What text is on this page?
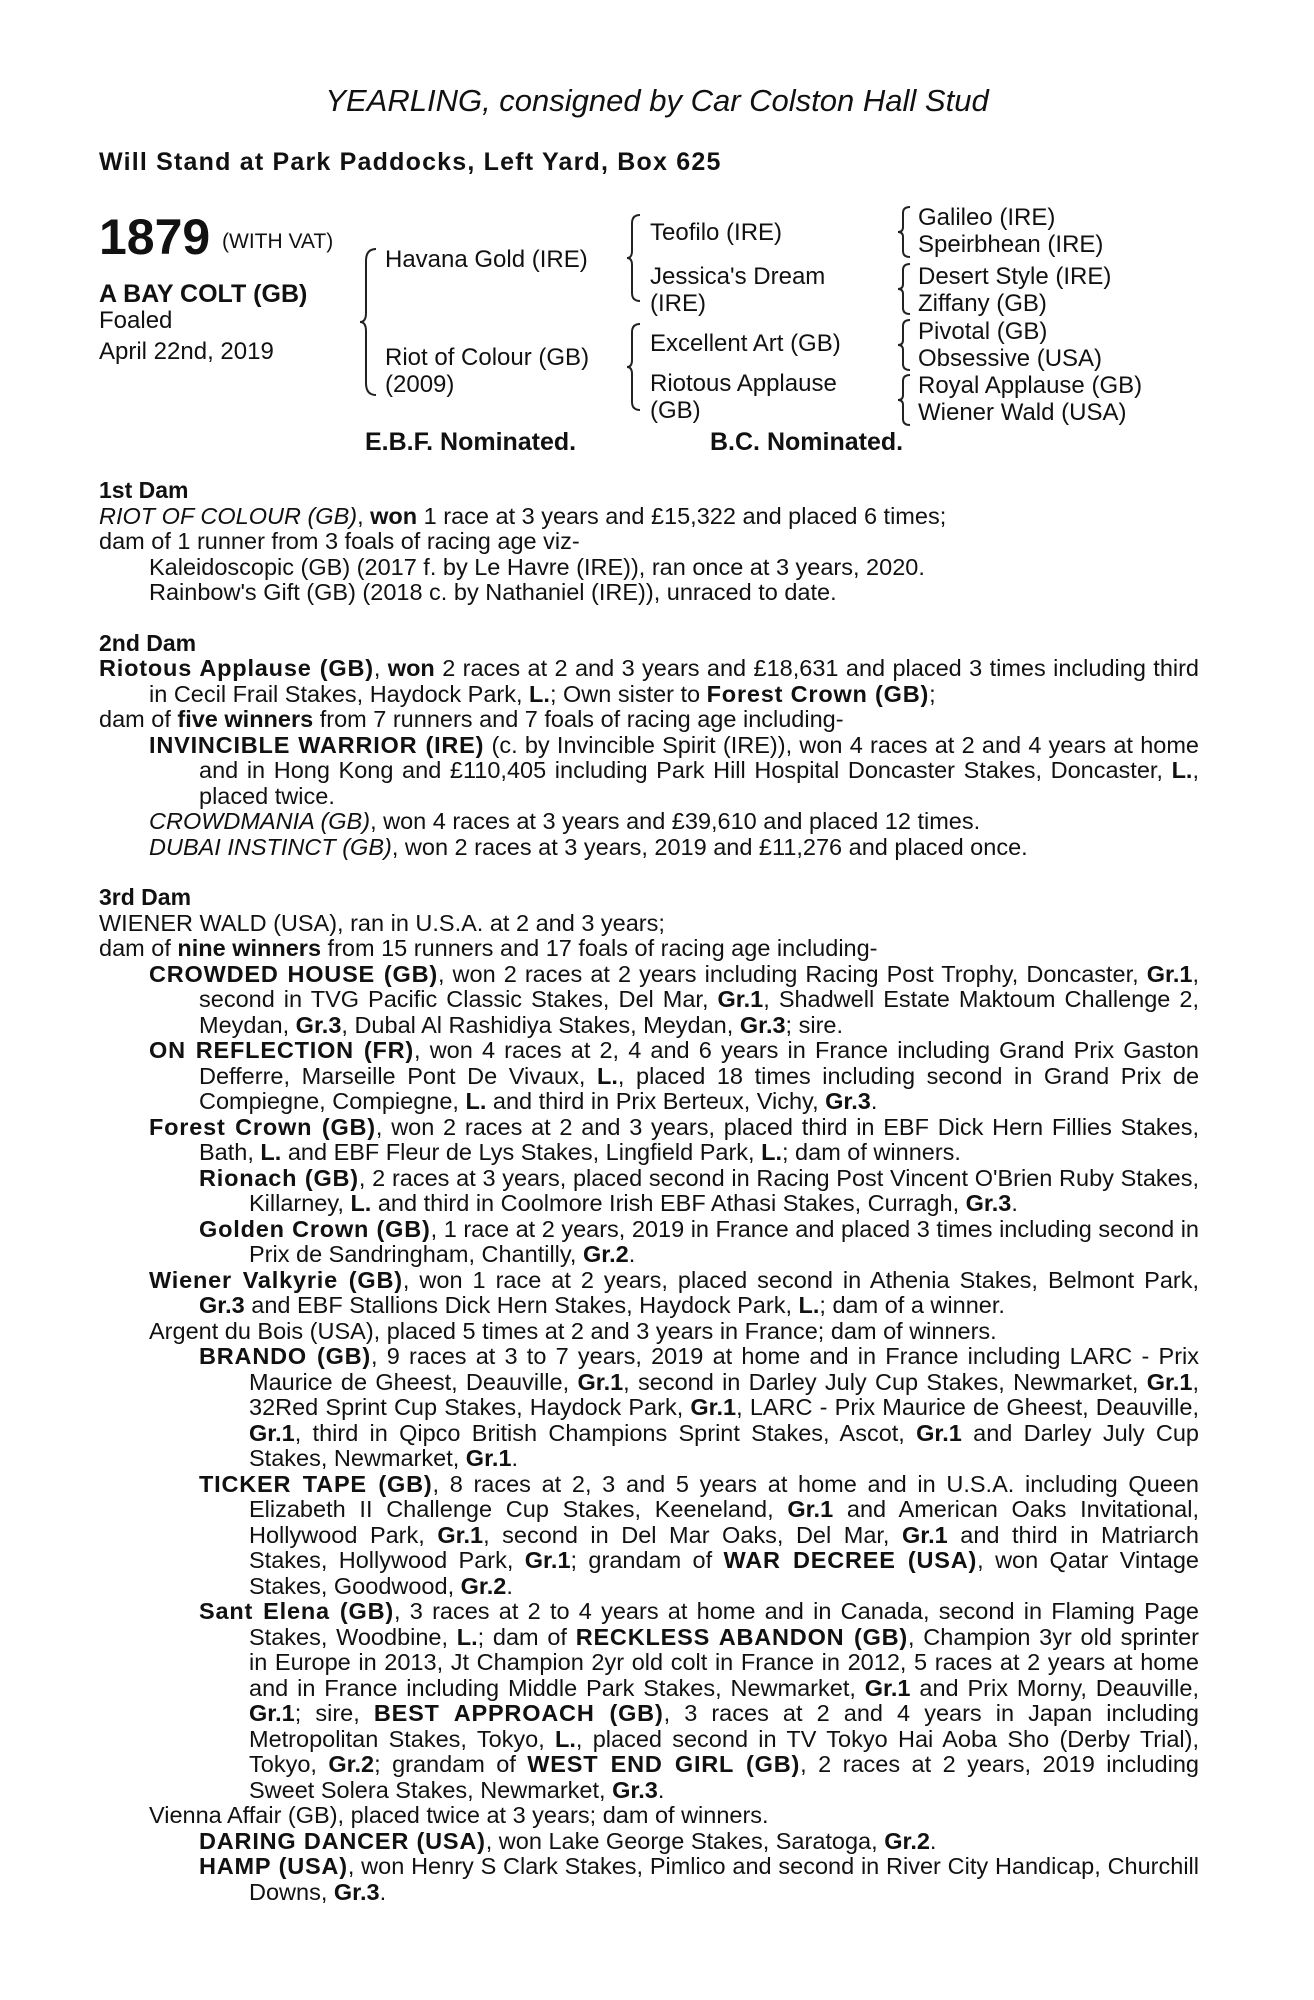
YEARLING, consigned by Car Colston Hall Stud
Will Stand at Park Paddocks, Left Yard, Box 625
1879 (WITH VAT)
A BAY COLT (GB)
Foaled
April 22nd, 2019
Havana Gold (IRE)
Riot of Colour (GB)
(2009)
Teofilo (IRE)
Jessica's Dream
(IRE)
Excellent Art (GB)
Riotous Applause
(GB)
Galileo (IRE)
Speirbhean (IRE)
Desert Style (IRE)
Ziffany (GB)
Pivotal (GB)
Obsessive (USA)
Royal Applause (GB)
Wiener Wald (USA)
E.B.F. Nominated.	B.C. Nominated.

1st Dam

RIOT OF COLOUR (GB), won 1 race at 3 years and £15,322 and placed 6 times;

dam of 1 runner from 3 foals of racing age viz-

Kaleidoscopic (GB) (2017 f. by Le Havre (IRE)), ran once at 3 years, 2020.

Rainbow's Gift (GB) (2018 c. by Nathaniel (IRE)), unraced to date.

2nd Dam

Riotous Applause (GB), won 2 races at 2 and 3 years and £18,631 and placed 3 times including third in Cecil Frail Stakes, Haydock Park, L.; Own sister to Forest Crown (GB);

dam of five winners from 7 runners and 7 foals of racing age including-

INVINCIBLE WARRIOR (IRE) (c. by Invincible Spirit (IRE)), won 4 races at 2 and 4 years at home and in Hong Kong and £110,405 including Park Hill Hospital Doncaster Stakes, Doncaster, L., placed twice.

CROWDMANIA (GB), won 4 races at 3 years and £39,610 and placed 12 times.

DUBAI INSTINCT (GB), won 2 races at 3 years, 2019 and £11,276 and placed once.

3rd Dam

WIENER WALD (USA), ran in U.S.A. at 2 and 3 years;

dam of nine winners from 15 runners and 17 foals of racing age including-

CROWDED HOUSE (GB), won 2 races at 2 years including Racing Post Trophy, Doncaster, Gr.1, second in TVG Pacific Classic Stakes, Del Mar, Gr.1, Shadwell Estate Maktoum Challenge 2, Meydan, Gr.3, Dubal Al Rashidiya Stakes, Meydan, Gr.3; sire.

ON REFLECTION (FR), won 4 races at 2, 4 and 6 years in France including Grand Prix Gaston Defferre, Marseille Pont De Vivaux, L., placed 18 times including second in Grand Prix de Compiegne, Compiegne, L. and third in Prix Berteux, Vichy, Gr.3.

Forest Crown (GB), won 2 races at 2 and 3 years, placed third in EBF Dick Hern Fillies Stakes, Bath, L. and EBF Fleur de Lys Stakes, Lingfield Park, L.; dam of winners.

Rionach (GB), 2 races at 3 years, placed second in Racing Post Vincent O'Brien Ruby Stakes, Killarney, L. and third in Coolmore Irish EBF Athasi Stakes, Curragh, Gr.3.

Golden Crown (GB), 1 race at 2 years, 2019 in France and placed 3 times including second in Prix de Sandringham, Chantilly, Gr.2.

Wiener Valkyrie (GB), won 1 race at 2 years, placed second in Athenia Stakes, Belmont Park, Gr.3 and EBF Stallions Dick Hern Stakes, Haydock Park, L.; dam of a winner.

Argent du Bois (USA), placed 5 times at 2 and 3 years in France; dam of winners.

BRANDO (GB), 9 races at 3 to 7 years, 2019 at home and in France including LARC - Prix Maurice de Gheest, Deauville, Gr.1, second in Darley July Cup Stakes, Newmarket, Gr.1, 32Red Sprint Cup Stakes, Haydock Park, Gr.1, LARC - Prix Maurice de Gheest, Deauville, Gr.1, third in Qipco British Champions Sprint Stakes, Ascot, Gr.1 and Darley July Cup Stakes, Newmarket, Gr.1.

TICKER TAPE (GB), 8 races at 2, 3 and 5 years at home and in U.S.A. including Queen Elizabeth II Challenge Cup Stakes, Keeneland, Gr.1 and American Oaks Invitational, Hollywood Park, Gr.1, second in Del Mar Oaks, Del Mar, Gr.1 and third in Matriarch Stakes, Hollywood Park, Gr.1; grandam of WAR DECREE (USA), won Qatar Vintage Stakes, Goodwood, Gr.2.

Sant Elena (GB), 3 races at 2 to 4 years at home and in Canada, second in Flaming Page Stakes, Woodbine, L.; dam of RECKLESS ABANDON (GB), Champion 3yr old sprinter in Europe in 2013, Jt Champion 2yr old colt in France in 2012, 5 races at 2 years at home and in France including Middle Park Stakes, Newmarket, Gr.1 and Prix Morny, Deauville, Gr.1; sire, BEST APPROACH (GB), 3 races at 2 and 4 years in Japan including Metropolitan Stakes, Tokyo, L., placed second in TV Tokyo Hai Aoba Sho (Derby Trial), Tokyo, Gr.2; grandam of WEST END GIRL (GB), 2 races at 2 years, 2019 including Sweet Solera Stakes, Newmarket, Gr.3.

Vienna Affair (GB), placed twice at 3 years; dam of winners.

DARING DANCER (USA), won Lake George Stakes, Saratoga, Gr.2.

HAMP (USA), won Henry S Clark Stakes, Pimlico and second in River City Handicap, Churchill Downs, Gr.3.
